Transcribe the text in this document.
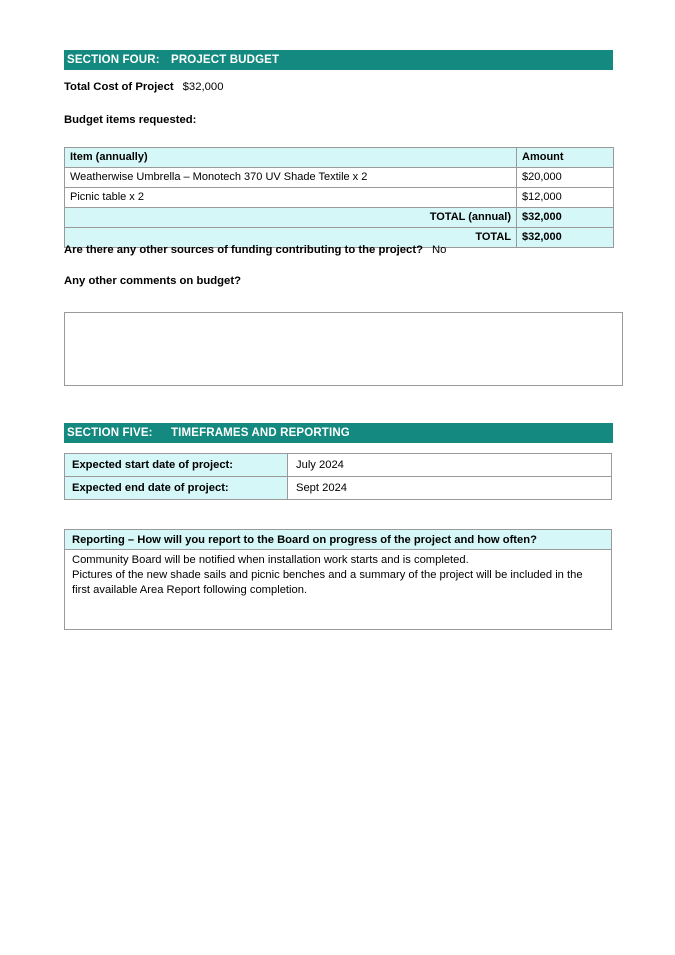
SECTION FOUR: PROJECT BUDGET
Total Cost of Project $32,000
Budget items requested:
Item (annually)	Amount
Weatherwise Umbrella – Monotech 370 UV Shade Textile x 2	$20,000
Picnic table x 2	$12,000
TOTAL (annual)	$32,000
TOTAL	$32,000
Are there any other sources of funding contributing to the project? No
Any other comments on budget?
SECTION FIVE:	TIMEFRAMES AND REPORTING
Expected start date of project:	July 2024
Expected end date of project:	Sept 2024
Reporting – How will you report to the Board on progress of the project and how often?

Community Board will be notified when installation work starts and is completed.

Pictures of the new shade sails and picnic benches and a summary of the project will be included in the

first available Area Report following completion.
